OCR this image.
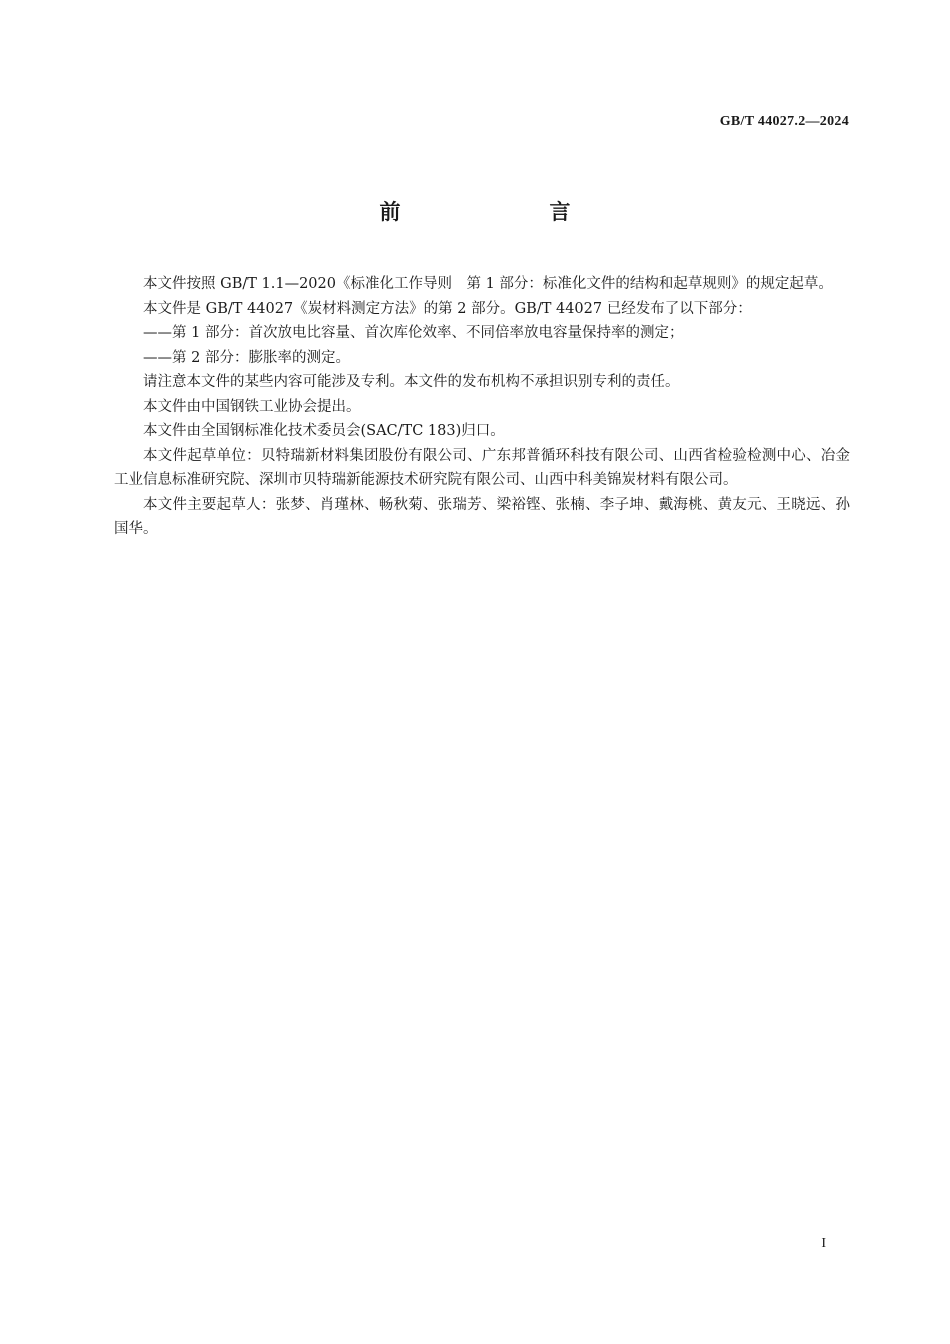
GB/T 44027.2—2024
前　言

本文件按照 GB/T 1.1—2020《标准化工作导则　第 1 部分：标准化文件的结构和起草规则》的规定起草。

本文件是 GB/T 44027《炭材料测定方法》的第 2 部分。GB/T 44027 已经发布了以下部分：

——第 1 部分：首次放电比容量、首次库伦效率、不同倍率放电容量保持率的测定；

——第 2 部分：膨胀率的测定。

请注意本文件的某些内容可能涉及专利。本文件的发布机构不承担识别专利的责任。

本文件由中国钢铁工业协会提出。

本文件由全国钢标准化技术委员会(SAC/TC 183)归口。

本文件起草单位：贝特瑞新材料集团股份有限公司、广东邦普循环科技有限公司、山西省检验检测中心、冶金工业信息标准研究院、深圳市贝特瑞新能源技术研究院有限公司、山西中科美锦炭材料有限公司。

本文件主要起草人：张梦、肖瑾林、畅秋菊、张瑞芳、梁裕铿、张楠、李子坤、戴海桃、黄友元、王晓远、孙国华。

I
